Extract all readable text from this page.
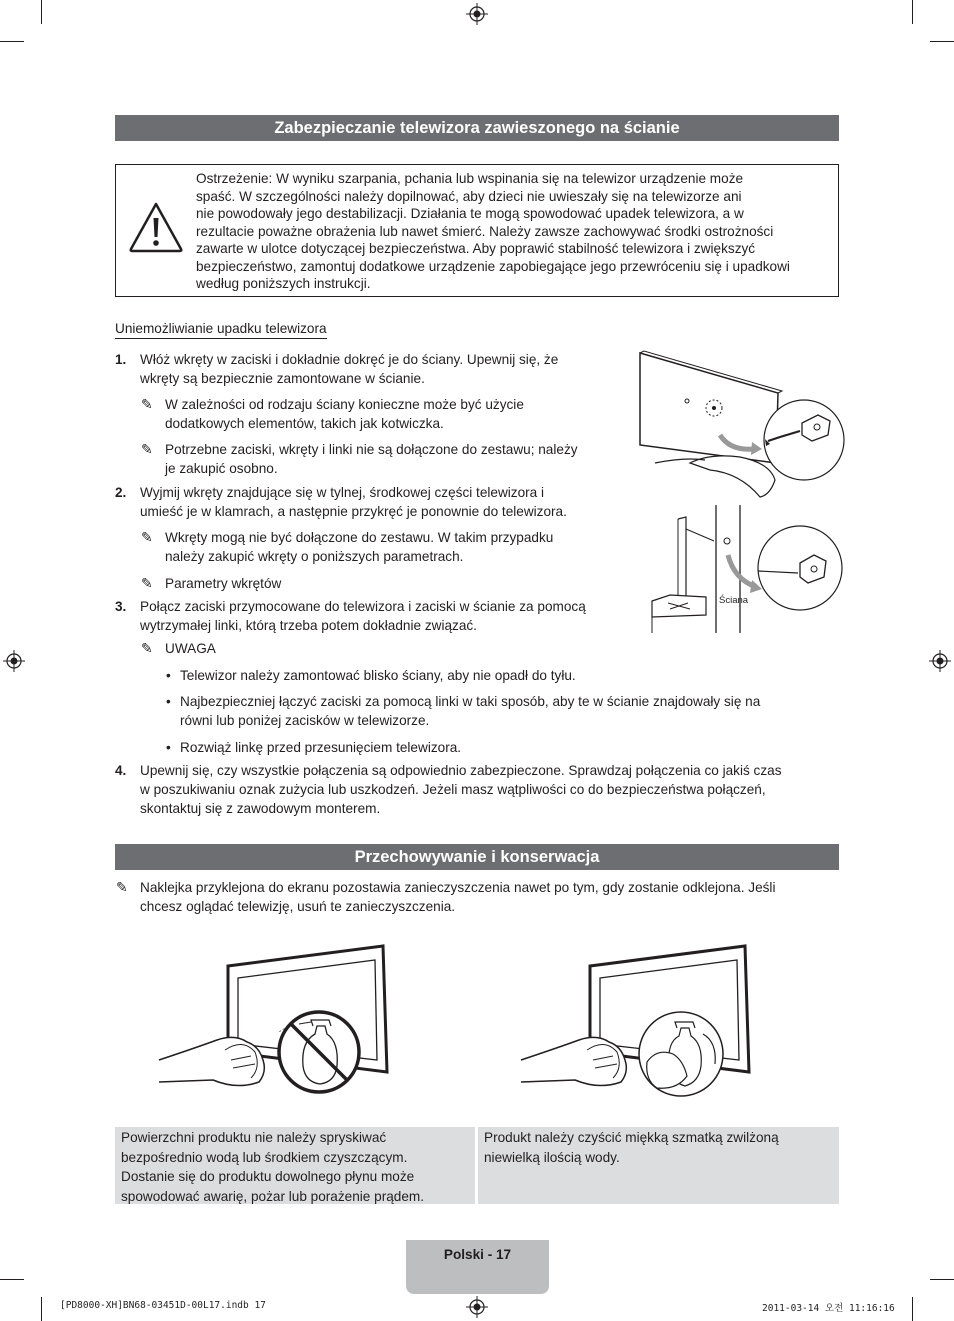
Zabezpieczanie telewizora zawieszonego na ścianie
Ostrzeżenie: W wyniku szarpania, pchania lub wspinania się na telewizor urządzenie może
spaść. W szczególności należy dopilnować, aby dzieci nie uwieszały się na telewizorze ani
nie powodowały jego destabilizacji. Działania te mogą spowodować upadek telewizora, a w
rezultacie poważne obrażenia lub nawet śmierć. Należy zawsze zachowywać środki ostrożności
zawarte w ulotce dotyczącej bezpieczeństwa. Aby poprawić stabilność telewizora i zwiększyć
bezpieczeństwo, zamontuj dodatkowe urządzenie zapobiegające jego przewróceniu się i upadkowi
według poniższych instrukcji.
Uniemożliwianie upadku telewizora
1. Włóż wkręty w zaciski i dokładnie dokręć je do ściany. Upewnij się, że
wkręty są bezpiecznie zamontowane w ścianie.
✎ W zależności od rodzaju ściany konieczne może być użycie
dodatkowych elementów, takich jak kotwiczka.
✎ Potrzebne zaciski, wkręty i linki nie są dołączone do zestawu; należy
je zakupić osobno.
2. Wyjmij wkręty znajdujące się w tylnej, środkowej części telewizora i
umieść je w klamrach, a następnie przykręć je ponownie do telewizora.
✎ Wkręty mogą nie być dołączone do zestawu. W takim przypadku
należy zakupić wkręty o poniższych parametrach.
✎ Parametry wkrętów
3. Połącz zaciski przymocowane do telewizora i zaciski w ścianie za pomocą
wytrzymałej linki, którą trzeba potem dokładnie związać.
✎ UWAGA
• Telewizor należy zamontować blisko ściany, aby nie opadł do tyłu.
• Najbezpieczniej łączyć zaciski za pomocą linki w taki sposób, aby te w ścianie znajdowały się na
równi lub poniżej zacisków w telewizorze.
• Rozwiąż linkę przed przesunięciem telewizora.
4. Upewnij się, czy wszystkie połączenia są odpowiednio zabezpieczone. Sprawdzaj połączenia co jakiś czas
w poszukiwaniu oznak zużycia lub uszkodzeń. Jeżeli masz wątpliwości co do bezpieczeństwa połączeń,
skontaktuj się z zawodowym monterem.
Ściana
Przechowywanie i konserwacja
✎ Naklejka przyklejona do ekranu pozostawia zanieczyszczenia nawet po tym, gdy zostanie odklejona. Jeśli
chcesz oglądać telewizję, usuń te zanieczyszczenia.
Powierzchni produktu nie należy spryskiwać
bezpośrednio wodą lub środkiem czyszczącym.
Dostanie się do produktu dowolnego płynu może
spowodować awarię, pożar lub porażenie prądem.
Produkt należy czyścić miękką szmatką zwilżoną
niewielką ilością wody.
Polski - 17
[PD8000-XH]BN68-03451D-00L17.indb 17	2011-03-14 오전 11:16:16
